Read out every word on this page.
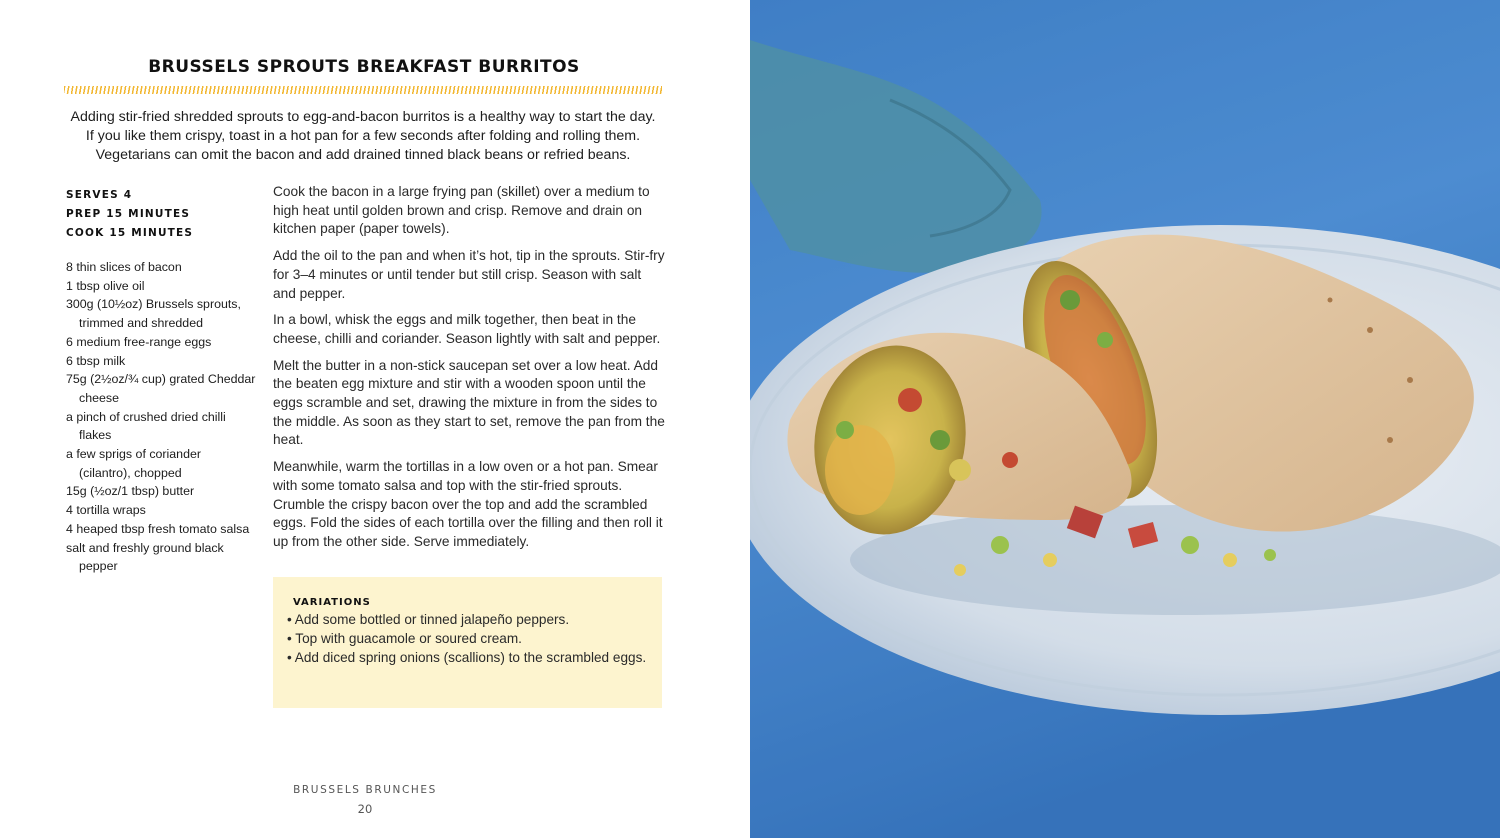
BRUSSELS SPROUTS BREAKFAST BURRITOS
Adding stir-fried shredded sprouts to egg-and-bacon burritos is a healthy way to start the day.
If you like them crispy, toast in a hot pan for a few seconds after folding and rolling them.
Vegetarians can omit the bacon and add drained tinned black beans or refried beans.
SERVES 4
PREP 15 MINUTES
COOK 15 MINUTES
8 thin slices of bacon
1 tbsp olive oil
300g (10½oz) Brussels sprouts, trimmed and shredded
6 medium free-range eggs
6 tbsp milk
75g (2½oz/¾ cup) grated Cheddar cheese
a pinch of crushed dried chilli flakes
a few sprigs of coriander (cilantro), chopped
15g (½oz/1 tbsp) butter
4 tortilla wraps
4 heaped tbsp fresh tomato salsa
salt and freshly ground black pepper

Cook the bacon in a large frying pan (skillet) over a medium to high heat until golden brown and crisp. Remove and drain on kitchen paper (paper towels).

Add the oil to the pan and when it’s hot, tip in the sprouts. Stir-fry for 3–4 minutes or until tender but still crisp. Season with salt and pepper.

In a bowl, whisk the eggs and milk together, then beat in the cheese, chilli and coriander. Season lightly with salt and pepper.

Melt the butter in a non-stick saucepan set over a low heat. Add the beaten egg mixture and stir with a wooden spoon until the eggs scramble and set, drawing the mixture in from the sides to the middle. As soon as they start to set, remove the pan from the heat.

Meanwhile, warm the tortillas in a low oven or a hot pan. Smear with some tomato salsa and top with the stir-fried sprouts. Crumble the crispy bacon over the top and add the scrambled eggs. Fold the sides of each tortilla over the filling and then roll it up from the other side. Serve immediately.

VARIATIONS
• Add some bottled or tinned jalapeño peppers.
• Top with guacamole or soured cream.
• Add diced spring onions (scallions) to the scrambled eggs.
BRUSSELS BRUNCHES
20
